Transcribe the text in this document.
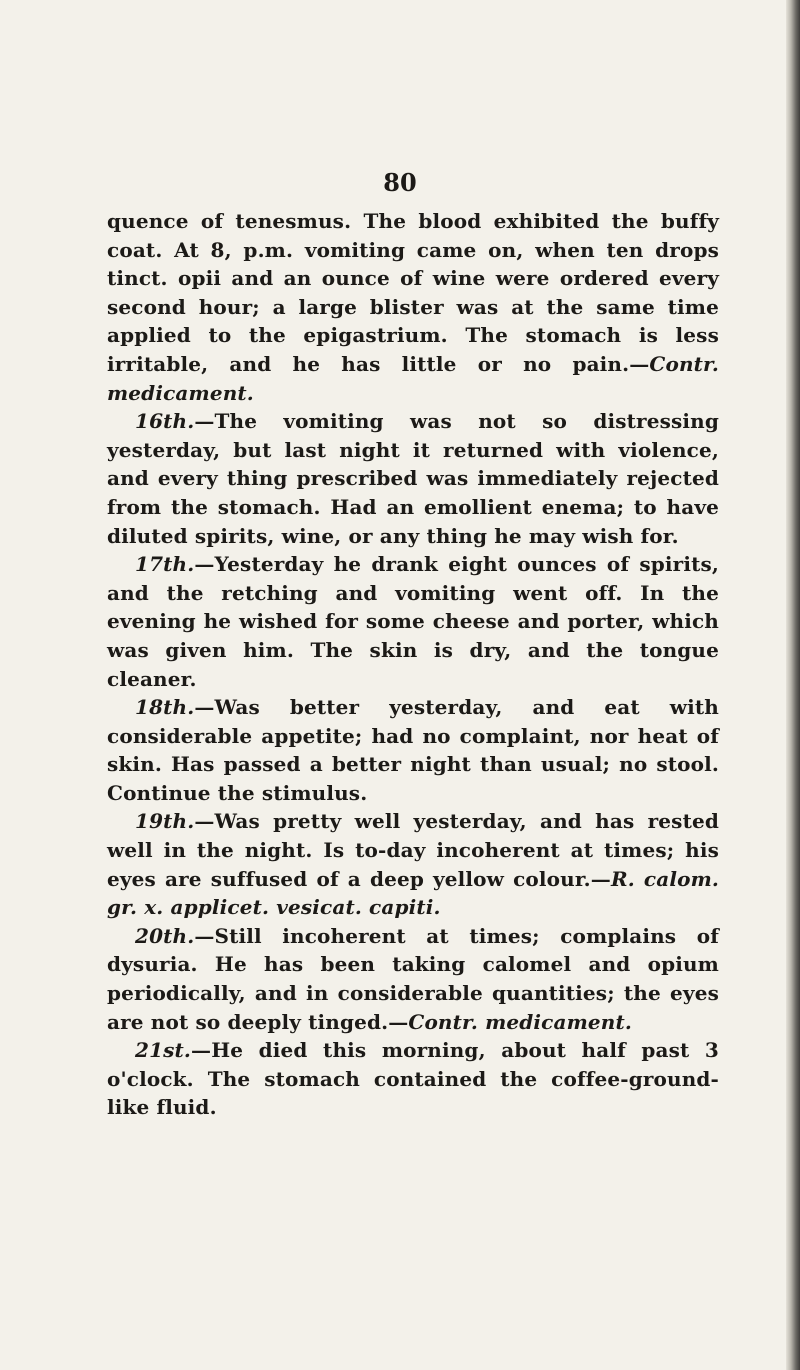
80

quence of tenesmus. The blood exhibited the buffy coat. At 8, p.m. vomiting came on, when ten drops tinct. opii and an ounce of wine were ordered every second hour; a large blister was at the same time applied to the epigastrium. The stomach is less irritable, and he has little or no pain.—Contr. medicament.

16th.—The vomiting was not so distressing yesterday, but last night it returned with violence, and every thing prescribed was immediately rejected from the stomach. Had an emollient enema; to have diluted spirits, wine, or any thing he may wish for.

17th.—Yesterday he drank eight ounces of spirits, and the retching and vomiting went off. In the evening he wished for some cheese and porter, which was given him. The skin is dry, and the tongue cleaner.

18th.—Was better yesterday, and eat with considerable appetite; had no complaint, nor heat of skin. Has passed a better night than usual; no stool. Continue the stimulus.

19th.—Was pretty well yesterday, and has rested well in the night. Is to-day incoherent at times; his eyes are suffused of a deep yellow colour.—R. calom. gr. x. applicet. vesicat. capiti.

20th.—Still incoherent at times; complains of dysuria. He has been taking calomel and opium periodically, and in considerable quantities; the eyes are not so deeply tinged.—Contr. medicament.

21st.—He died this morning, about half past 3 o'clock. The stomach contained the coffee-ground-like fluid.
